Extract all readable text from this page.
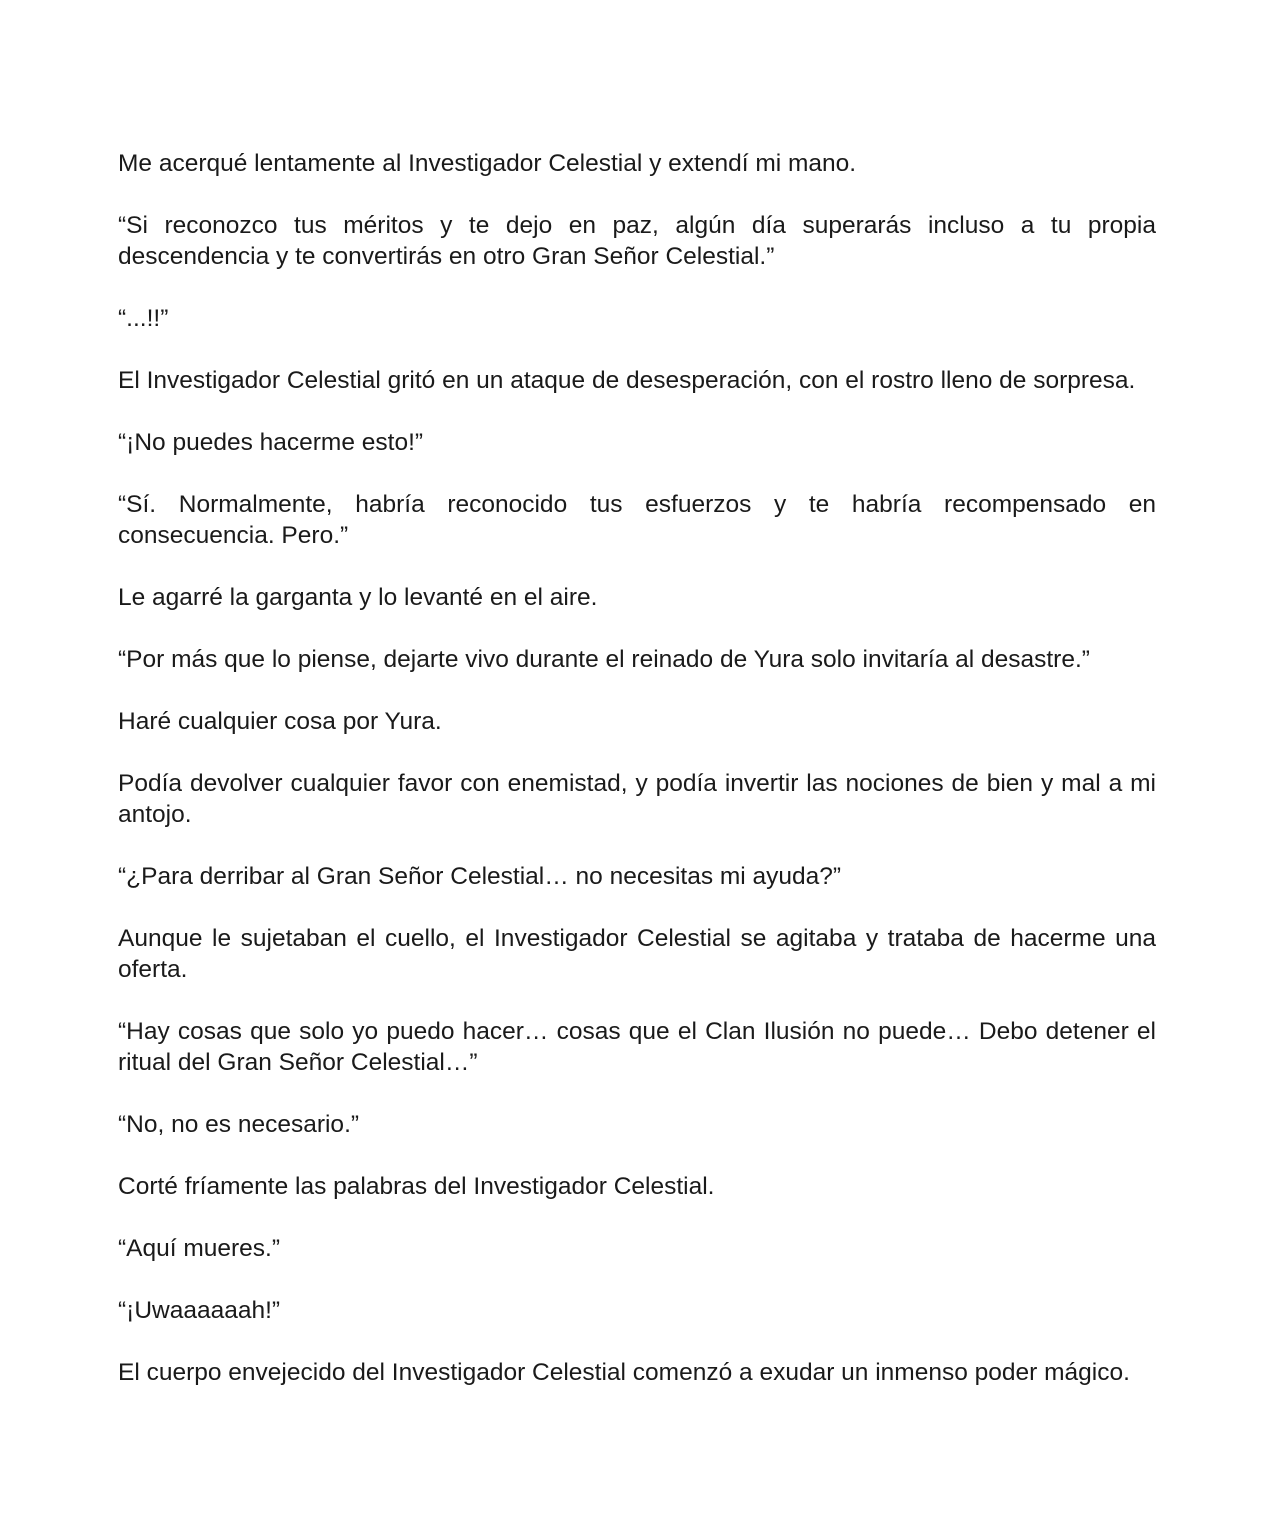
Me acerqué lentamente al Investigador Celestial y extendí mi mano.

“Si reconozco tus méritos y te dejo en paz, algún día superarás incluso a tu propia descendencia y te convertirás en otro Gran Señor Celestial.”

“...!!”

El Investigador Celestial gritó en un ataque de desesperación, con el rostro lleno de sorpresa.

“¡No puedes hacerme esto!”

“Sí. Normalmente, habría reconocido tus esfuerzos y te habría recompensado en consecuencia. Pero.”

Le agarré la garganta y lo levanté en el aire.

“Por más que lo piense, dejarte vivo durante el reinado de Yura solo invitaría al desastre.”

Haré cualquier cosa por Yura.

Podía devolver cualquier favor con enemistad, y podía invertir las nociones de bien y mal a mi antojo.

“¿Para derribar al Gran Señor Celestial… no necesitas mi ayuda?”

Aunque le sujetaban el cuello, el Investigador Celestial se agitaba y trataba de hacerme una oferta.

“Hay cosas que solo yo puedo hacer… cosas que el Clan Ilusión no puede… Debo detener el ritual del Gran Señor Celestial…”

“No, no es necesario.”

Corté fríamente las palabras del Investigador Celestial.

“Aquí mueres.”

“¡Uwaaaaaah!”

El cuerpo envejecido del Investigador Celestial comenzó a exudar un inmenso poder mágico.
